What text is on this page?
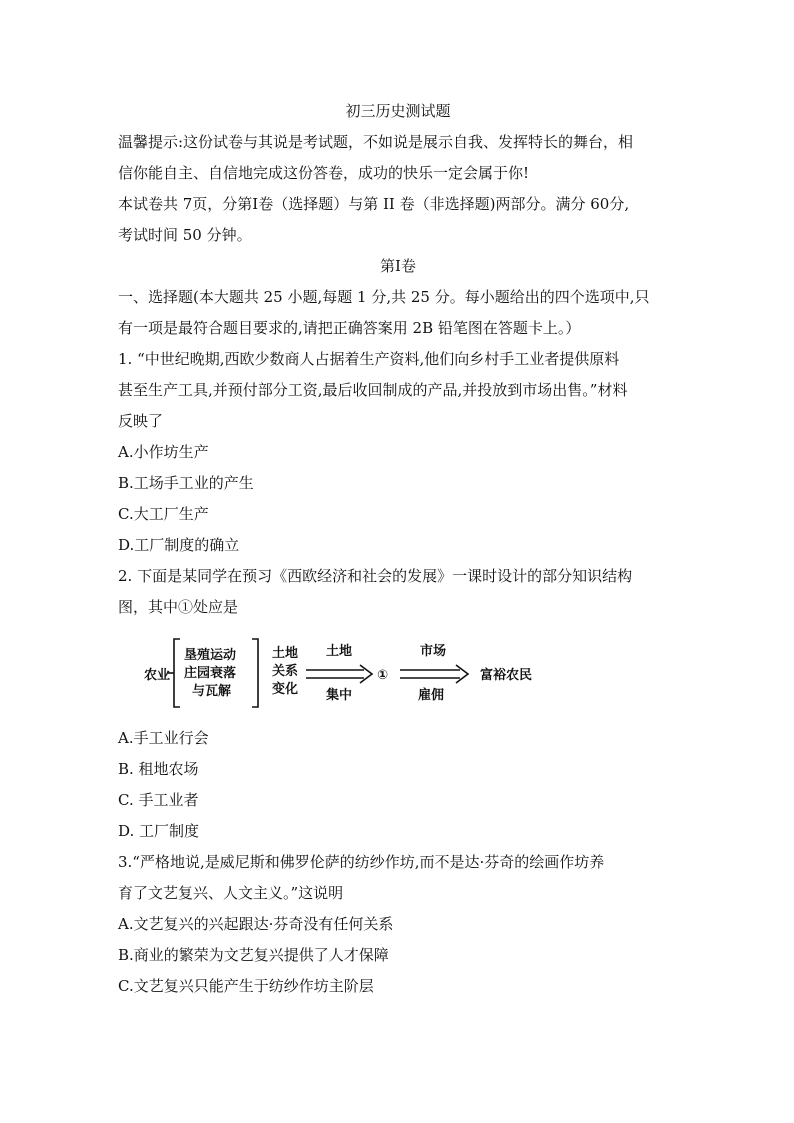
初三历史测试题
温馨提示:这份试卷与其说是考试题，不如说是展示自我、发挥特长的舞台，相
信你能自主、自信地完成这份答卷，成功的快乐一定会属于你!
本试卷共 7页，分第Ⅰ卷（选择题）与第 II 卷（非选择题)两部分。满分 60分,
考试时间 50 分钟。
第Ⅰ卷
一、选择题(本大题共 25 小题,每题 1 分,共 25 分。每小题给出的四个选项中,只
有一项是最符合题目要求的,请把正确答案用 2B 铅笔图在答题卡上。）
1. “中世纪晚期,西欧少数商人占据着生产资料,他们向乡村手工业者提供原料
甚至生产工具,并预付部分工资,最后收回制成的产品,并投放到市场出售。”材料
反映了
A.小作坊生产
B.工场手工业的产生
C.大工厂生产
D.工厂制度的确立
2. 下面是某同学在预习《西欧经济和社会的发展》一课时设计的部分知识结构
图，其中①处应是
农业
垦殖运动
庄园衰落
与瓦解
土地
关系
变化
土地
集中
①
市场
雇佣
富裕农民
A.手工业行会
B. 租地农场
C. 手工业者
D. 工厂制度
3.“严格地说,是威尼斯和佛罗伦萨的纺纱作坊,而不是达·芬奇的绘画作坊养
育了文艺复兴、人文主义。”这说明
A.文艺复兴的兴起跟达·芬奇没有任何关系
B.商业的繁荣为文艺复兴提供了人才保障
C.文艺复兴只能产生于纺纱作坊主阶层
